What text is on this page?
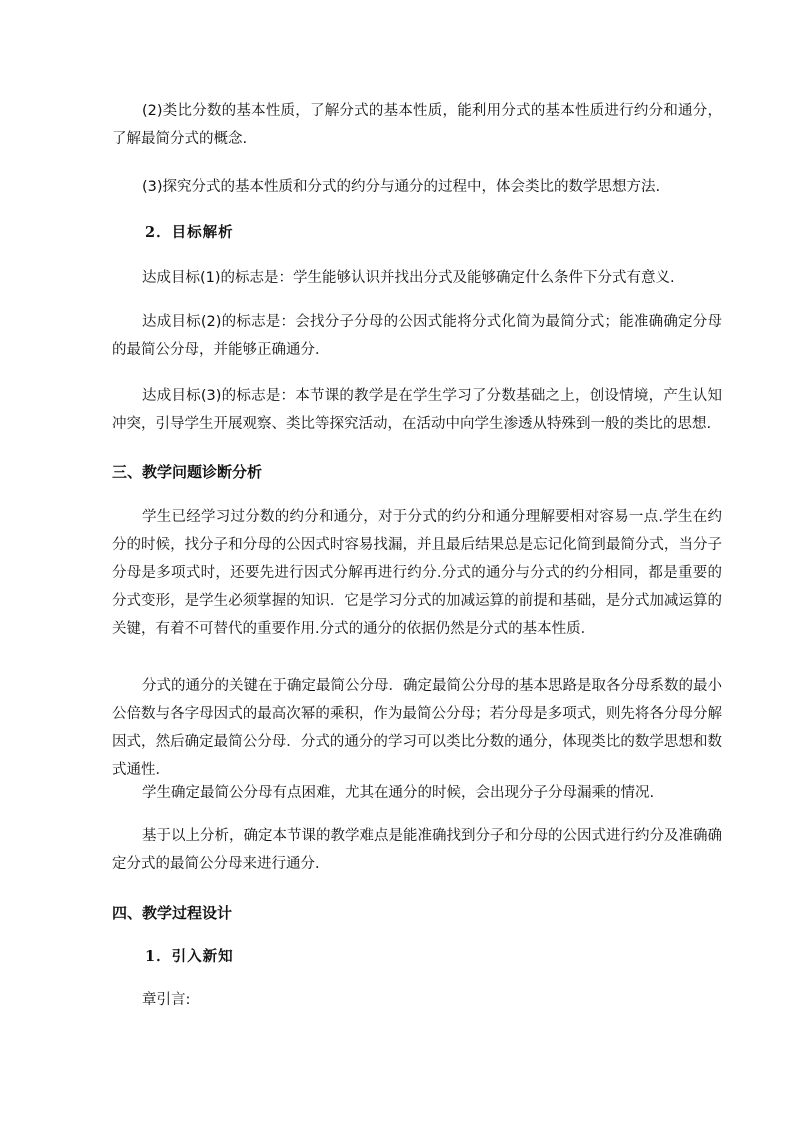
(2)类比分数的基本性质，了解分式的基本性质，能利用分式的基本性质进行约分和通分，了解最简分式的概念.

(3)探究分式的基本性质和分式的约分与通分的过程中，体会类比的数学思想方法.

2．目标解析

达成目标(1)的标志是：学生能够认识并找出分式及能够确定什么条件下分式有意义.

达成目标(2)的标志是：会找分子分母的公因式能将分式化简为最简分式；能准确确定分母的最简公分母，并能够正确通分．

达成目标(3)的标志是：本节课的教学是在学生学习了分数基础之上，创设情境，产生认知冲突，引导学生开展观察、类比等探究活动，在活动中向学生渗透从特殊到一般的类比的思想.

三、教学问题诊断分析

学生已经学习过分数的约分和通分，对于分式的约分和通分理解要相对容易一点.学生在约分的时候，找分子和分母的公因式时容易找漏，并且最后结果总是忘记化简到最简分式，当分子分母是多项式时，还要先进行因式分解再进行约分.分式的通分与分式的约分相同，都是重要的分式变形，是学生必须掌握的知识．它是学习分式的加减运算的前提和基础，是分式加减运算的关键，有着不可替代的重要作用.分式的通分的依据仍然是分式的基本性质．

分式的通分的关键在于确定最简公分母．确定最简公分母的基本思路是取各分母系数的最小公倍数与各字母因式的最高次幂的乘积，作为最简公分母；若分母是多项式，则先将各分母分解因式，然后确定最简公分母．分式的通分的学习可以类比分数的通分，体现类比的数学思想和数式通性．

学生确定最简公分母有点困难，尤其在通分的时候，会出现分子分母漏乘的情况.

基于以上分析，确定本节课的教学难点是能准确找到分子和分母的公因式进行约分及准确确定分式的最简公分母来进行通分．

四、教学过程设计

1．引入新知

章引言:
